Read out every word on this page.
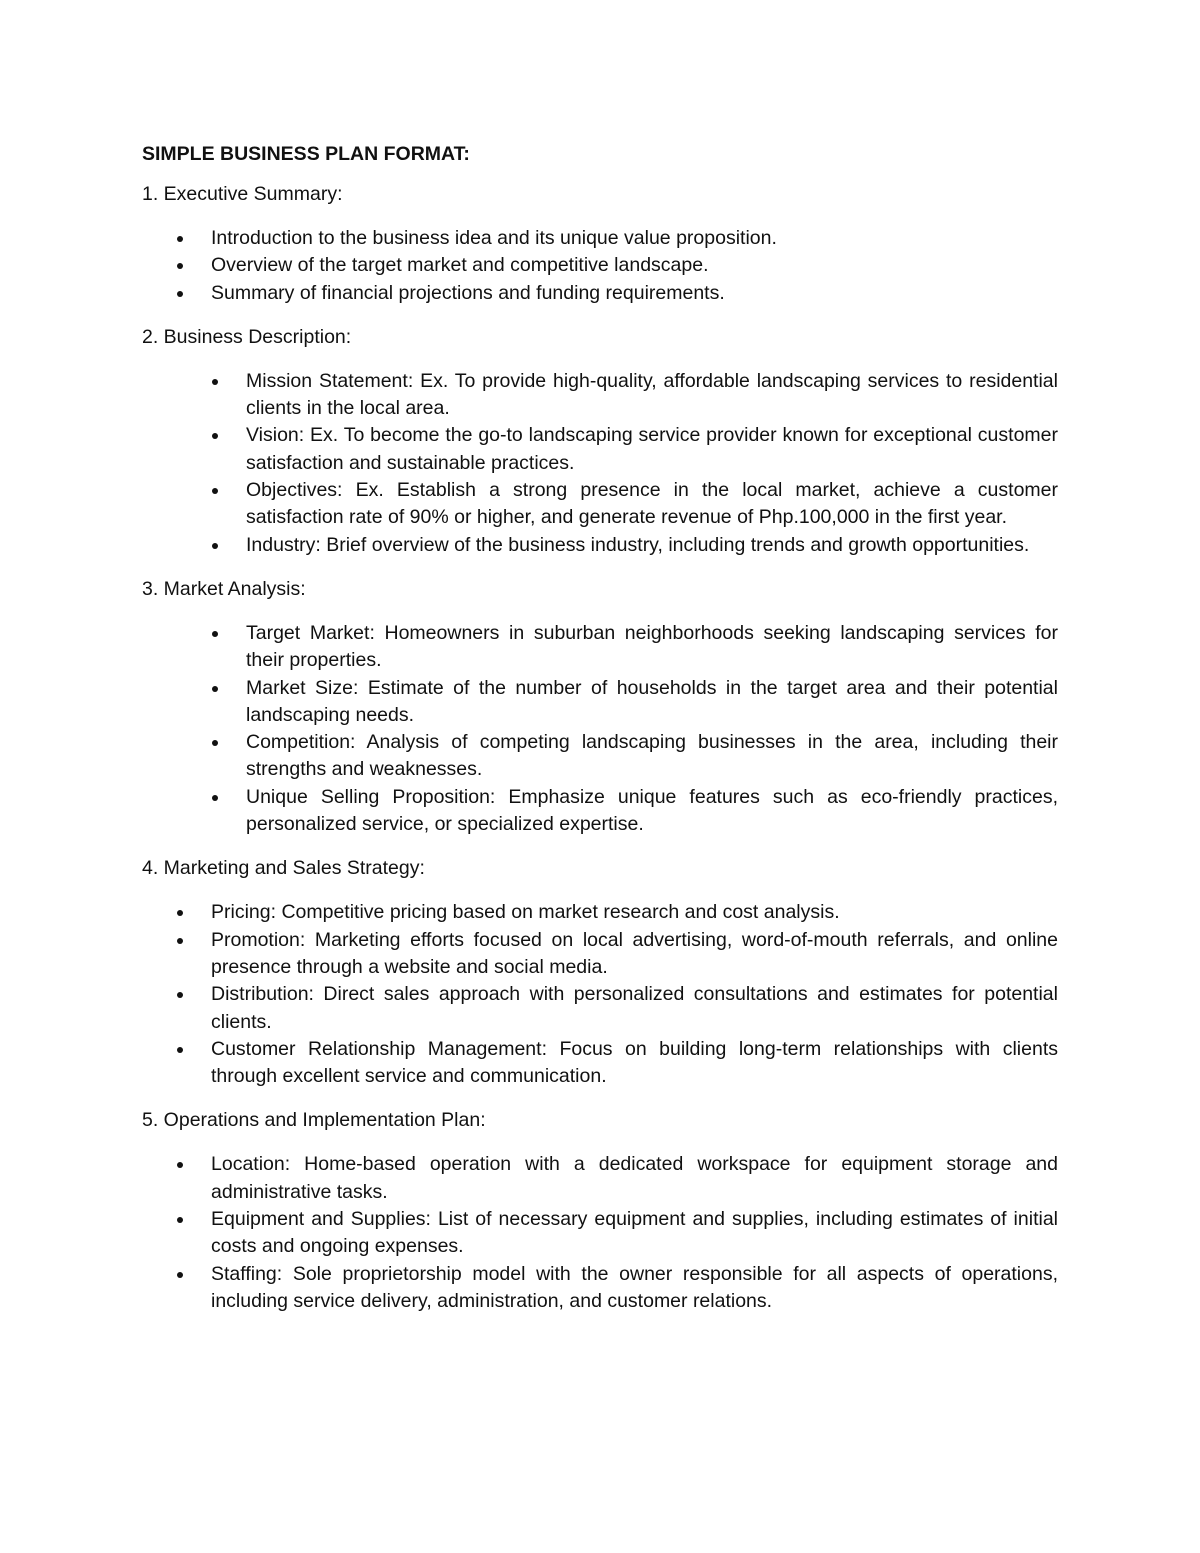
SIMPLE BUSINESS PLAN FORMAT:
1. Executive Summary:
Introduction to the business idea and its unique value proposition.
Overview of the target market and competitive landscape.
Summary of financial projections and funding requirements.
2. Business Description:
Mission Statement: Ex. To provide high-quality, affordable landscaping services to residential clients in the local area.
Vision: Ex. To become the go-to landscaping service provider known for exceptional customer satisfaction and sustainable practices.
Objectives: Ex. Establish a strong presence in the local market, achieve a customer satisfaction rate of 90% or higher, and generate revenue of Php.100,000 in the first year.
Industry: Brief overview of the business industry, including trends and growth opportunities.
3. Market Analysis:
Target Market: Homeowners in suburban neighborhoods seeking landscaping services for their properties.
Market Size: Estimate of the number of households in the target area and their potential landscaping needs.
Competition: Analysis of competing landscaping businesses in the area, including their strengths and weaknesses.
Unique Selling Proposition: Emphasize unique features such as eco-friendly practices, personalized service, or specialized expertise.
4. Marketing and Sales Strategy:
Pricing: Competitive pricing based on market research and cost analysis.
Promotion: Marketing efforts focused on local advertising, word-of-mouth referrals, and online presence through a website and social media.
Distribution: Direct sales approach with personalized consultations and estimates for potential clients.
Customer Relationship Management: Focus on building long-term relationships with clients through excellent service and communication.
5. Operations and Implementation Plan:
Location: Home-based operation with a dedicated workspace for equipment storage and administrative tasks.
Equipment and Supplies: List of necessary equipment and supplies, including estimates of initial costs and ongoing expenses.
Staffing: Sole proprietorship model with the owner responsible for all aspects of operations, including service delivery, administration, and customer relations.
